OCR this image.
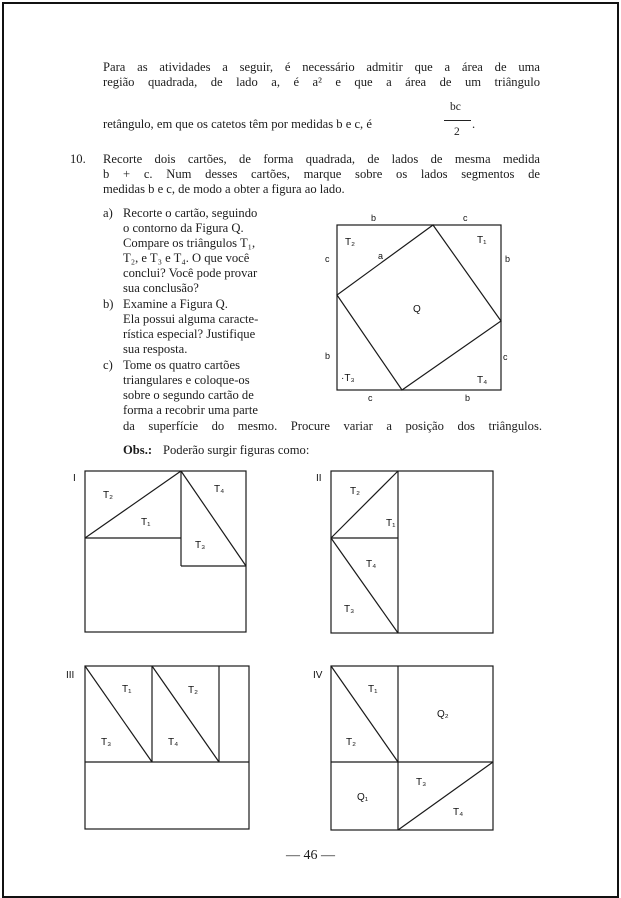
Para as atividades a seguir, é necessário admitir que a área de uma
região quadrada, de lado a, é a² e que a área de um triângulo
retângulo, em que os catetos têm por medidas b e c, é
bc
2
.
10. Recorte dois cartões, de forma quadrada, de lados de mesma medida
b + c. Num desses cartões, marque sobre os lados segmentos de
medidas b e c, de modo a obter a figura ao lado.
a) Recorte o cartão, seguindo
o contorno da Figura Q.
Compare os triângulos T₁,
T₂, e T₃ e T₄. O que você
conclui? Você pode provar
sua conclusão?
b) Examine a Figura Q.
Ela possui alguma caracte-
rística especial? Justifique
sua resposta.
c) Tome os quatro cartões
triangulares e coloque-os
sobre o segundo cartão de
forma a recobrir uma parte
da superfície do mesmo. Procure variar a posição dos triângulos.
Obs.: Poderão surgir figuras como:
b	c
c
b
b
c
c	b
a
Q
T₁
T₂
·T₃	T₄
I
T₂
T₁
T₄
T₃
II
T₂
T₁
T₄
T₃
III
T₁	T₂
T₃	T₄
IV
T₁
T₂
Q₂
Q₁
T₃
T₄
— 46 —
